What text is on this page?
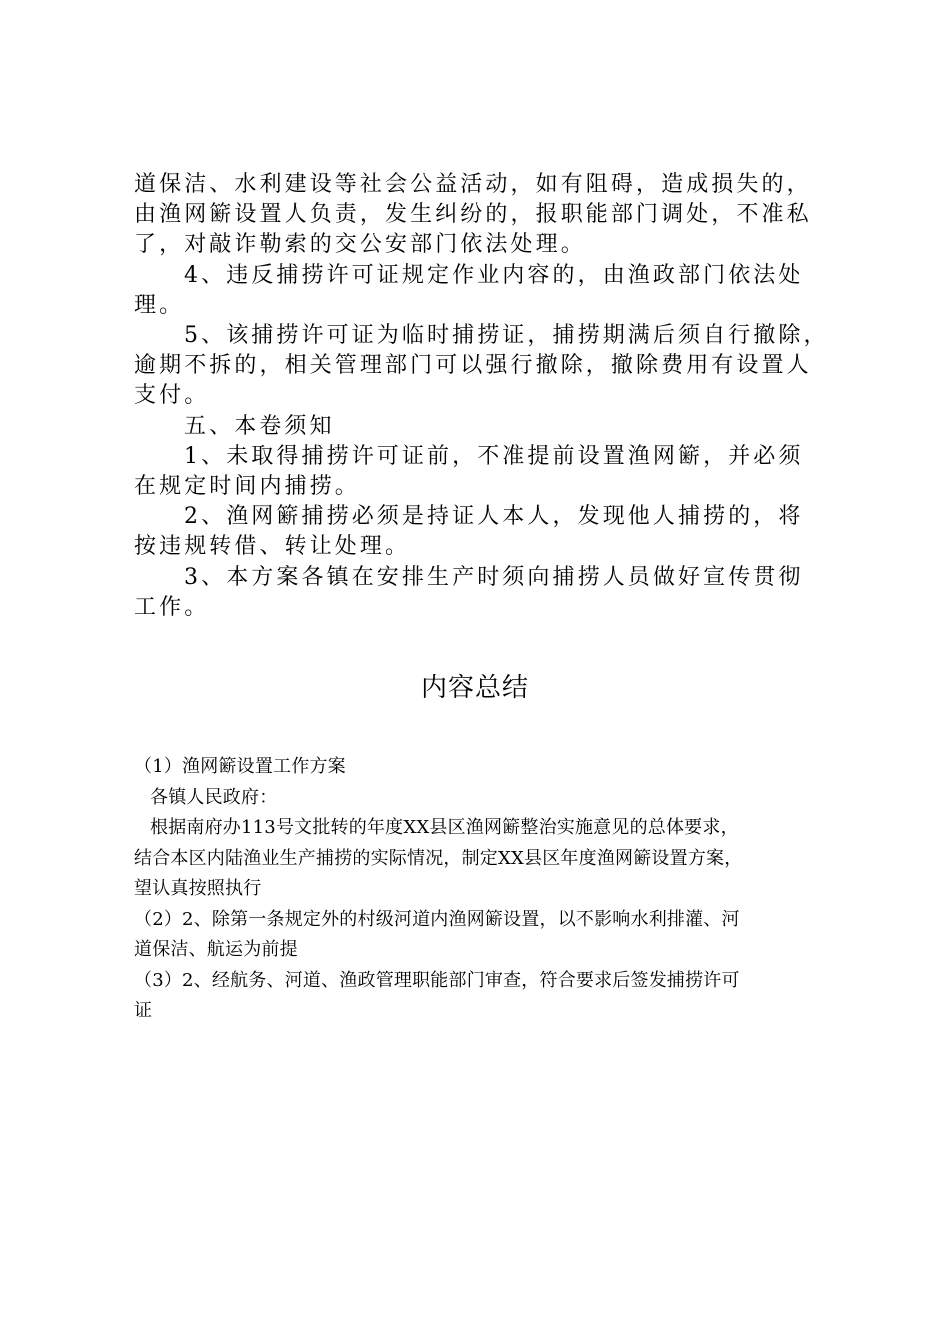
道保洁、水利建设等社会公益活动，如有阻碍，造成损失的，

由渔网簖设置人负责，发生纠纷的，报职能部门调处，不准私

了，对敲诈勒索的交公安部门依法处理。

4、违反捕捞许可证规定作业内容的，由渔政部门依法处

理。

5、该捕捞许可证为临时捕捞证，捕捞期满后须自行撤除，

逾期不拆的，相关管理部门可以强行撤除，撤除费用有设置人

支付。

五、本卷须知

1、未取得捕捞许可证前，不准提前设置渔网簖，并必须

在规定时间内捕捞。

2、渔网簖捕捞必须是持证人本人，发现他人捕捞的，将

按违规转借、转让处理。

3、本方案各镇在安排生产时须向捕捞人员做好宣传贯彻

工作。

内容总结

（1）渔网簖设置工作方案

各镇人民政府：

根据南府办113号文批转的年度XX县区渔网簖整治实施意见的总体要求，

结合本区内陆渔业生产捕捞的实际情况，制定XX县区年度渔网簖设置方案，

望认真按照执行

（2）2、除第一条规定外的村级河道内渔网簖设置，以不影响水利排灌、河

道保洁、航运为前提

（3）2、经航务、河道、渔政管理职能部门审查，符合要求后签发捕捞许可

证
